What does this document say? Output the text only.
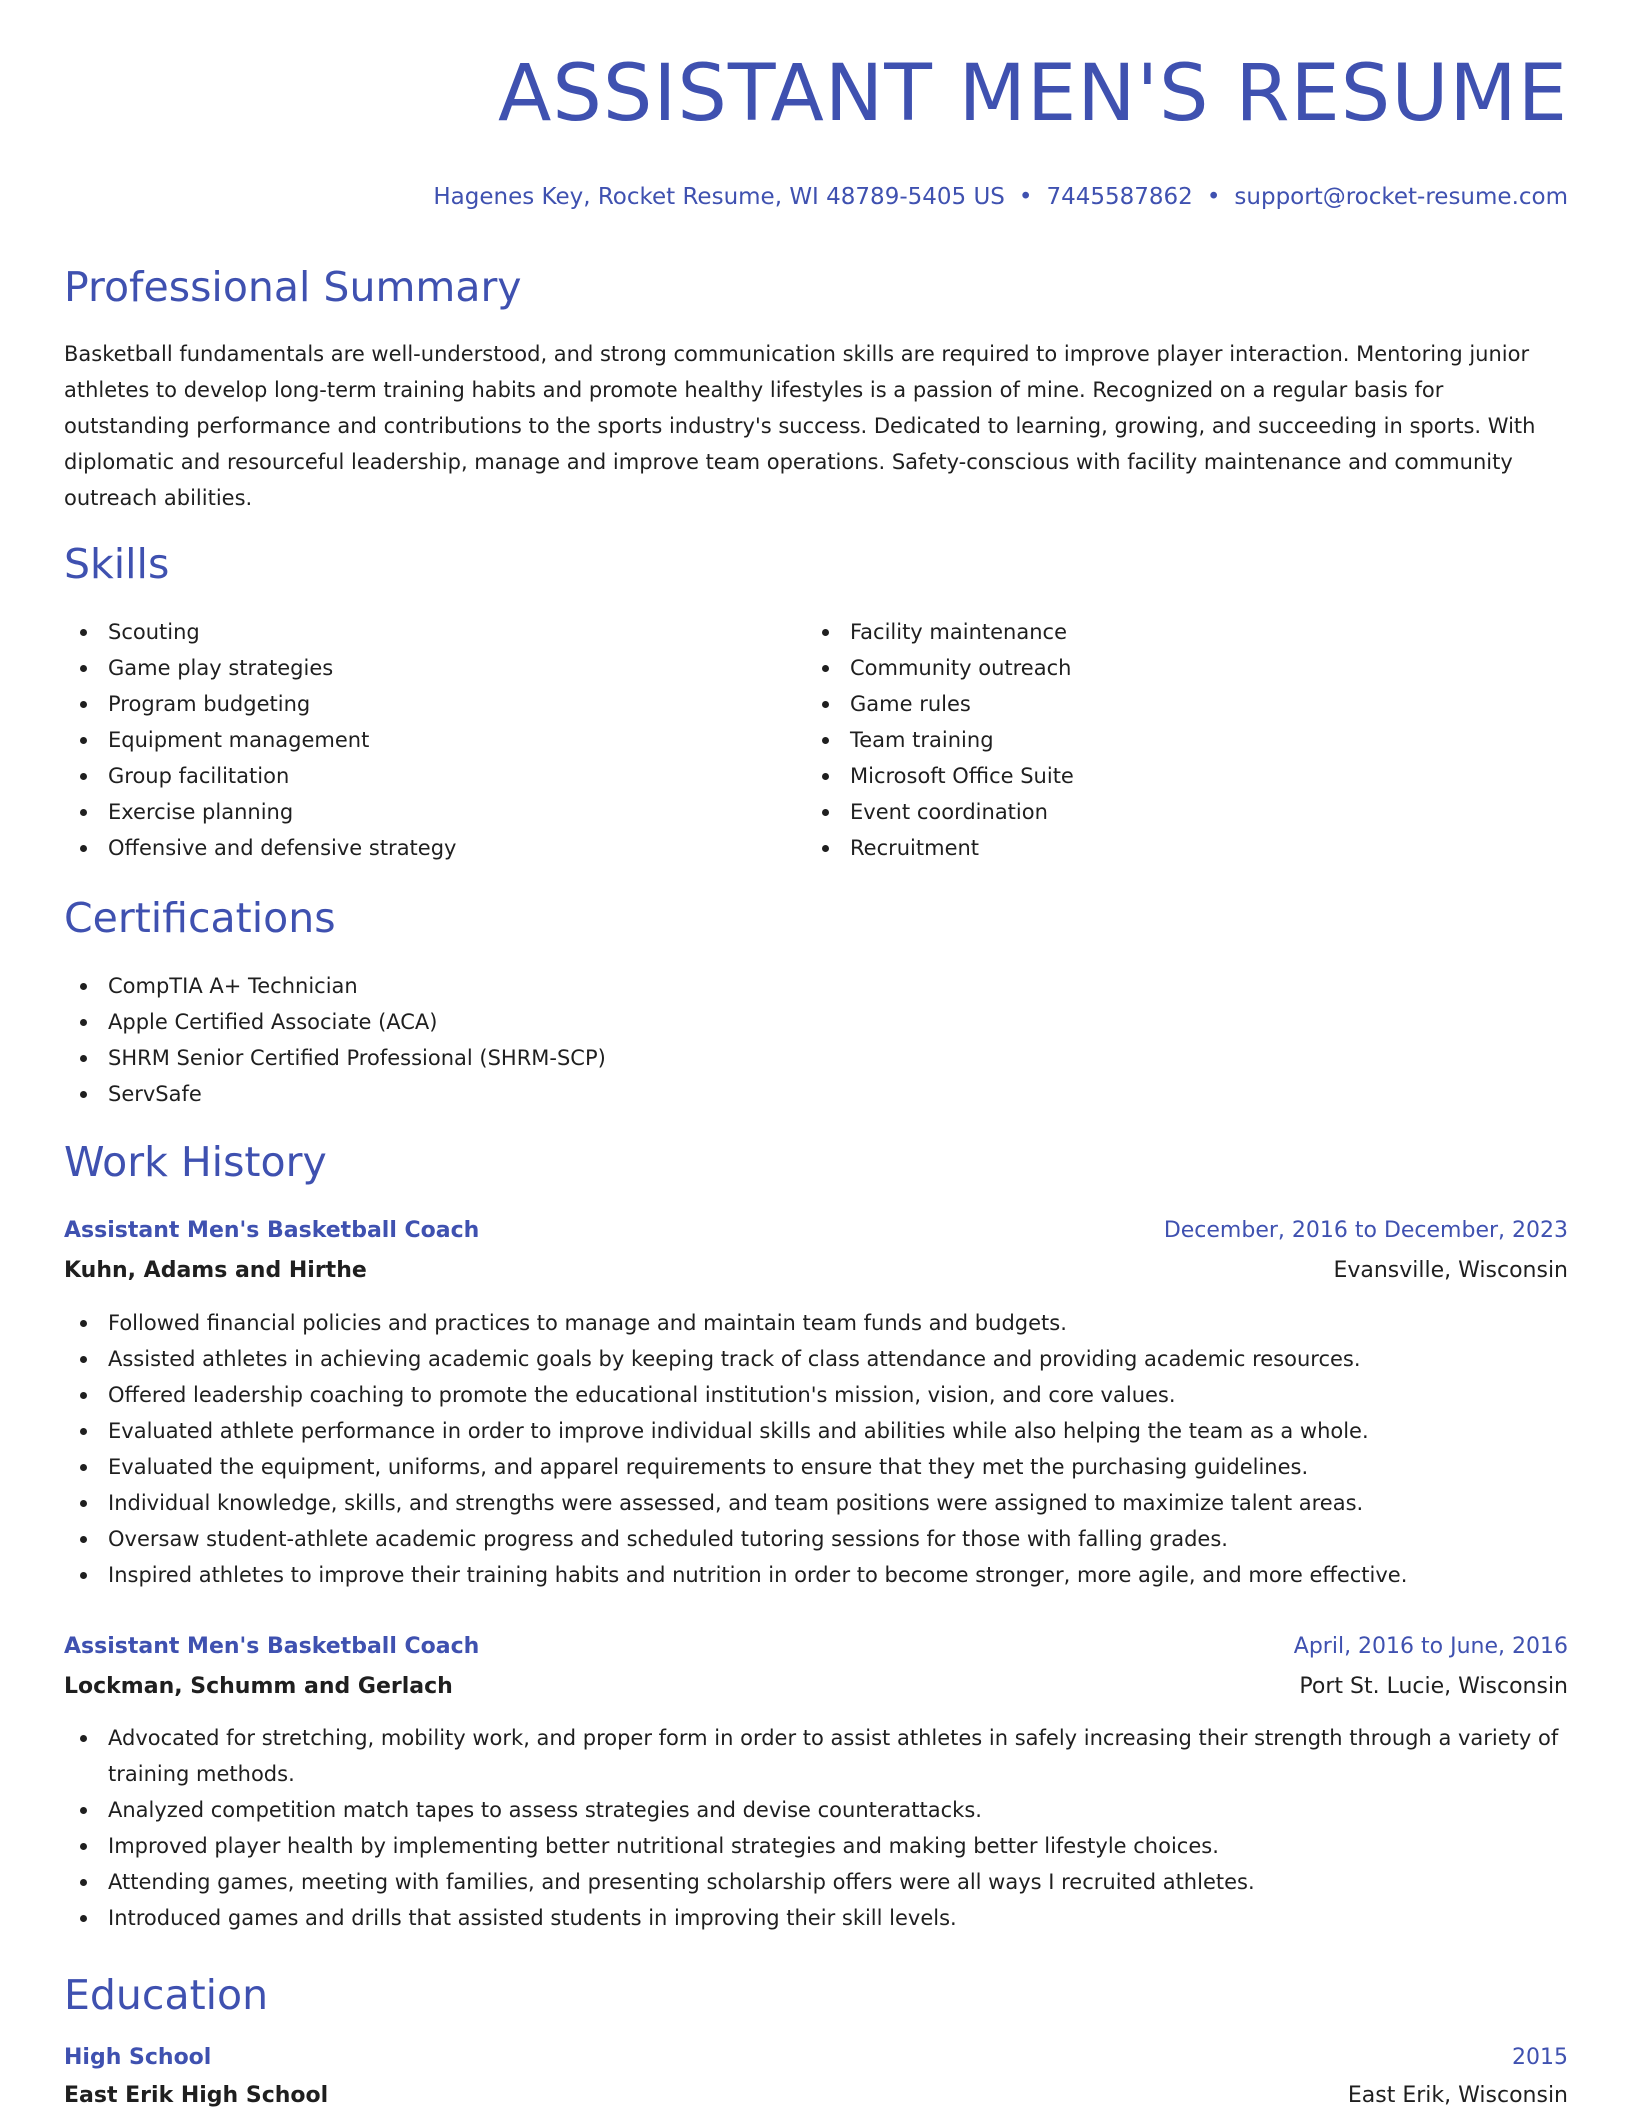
ASSISTANT MEN'S RESUME
Hagenes Key, Rocket Resume, WI 48789-5405 US • 7445587862 • support@rocket-resume.com
Professional Summary

Basketball fundamentals are well-understood, and strong communication skills are required to improve player interaction. Mentoring junior athletes to develop long-term training habits and promote healthy lifestyles is a passion of mine. Recognized on a regular basis for outstanding performance and contributions to the sports industry's success. Dedicated to learning, growing, and succeeding in sports. With diplomatic and resourceful leadership, manage and improve team operations. Safety-conscious with facility maintenance and community outreach abilities.

Skills
Scouting
Game play strategies
Program budgeting
Equipment management
Group facilitation
Exercise planning
Offensive and defensive strategy
Facility maintenance
Community outreach
Game rules
Team training
Microsoft Office Suite
Event coordination
Recruitment
Certifications
CompTIA A+ Technician
Apple Certified Associate (ACA)
SHRM Senior Certified Professional (SHRM-SCP)
ServSafe
Work History
Assistant Men's Basketball Coach	December, 2016 to December, 2023
Kuhn, Adams and Hirthe	Evansville, Wisconsin
Followed financial policies and practices to manage and maintain team funds and budgets.
Assisted athletes in achieving academic goals by keeping track of class attendance and providing academic resources.
Offered leadership coaching to promote the educational institution's mission, vision, and core values.
Evaluated athlete performance in order to improve individual skills and abilities while also helping the team as a whole.
Evaluated the equipment, uniforms, and apparel requirements to ensure that they met the purchasing guidelines.
Individual knowledge, skills, and strengths were assessed, and team positions were assigned to maximize talent areas.
Oversaw student-athlete academic progress and scheduled tutoring sessions for those with falling grades.
Inspired athletes to improve their training habits and nutrition in order to become stronger, more agile, and more effective.
Assistant Men's Basketball Coach	April, 2016 to June, 2016
Lockman, Schumm and Gerlach	Port St. Lucie, Wisconsin
Advocated for stretching, mobility work, and proper form in order to assist athletes in safely increasing their strength through a variety of training methods.
Analyzed competition match tapes to assess strategies and devise counterattacks.
Improved player health by implementing better nutritional strategies and making better lifestyle choices.
Attending games, meeting with families, and presenting scholarship offers were all ways I recruited athletes.
Introduced games and drills that assisted students in improving their skill levels.
Education
High School	2015
East Erik High School	East Erik, Wisconsin
